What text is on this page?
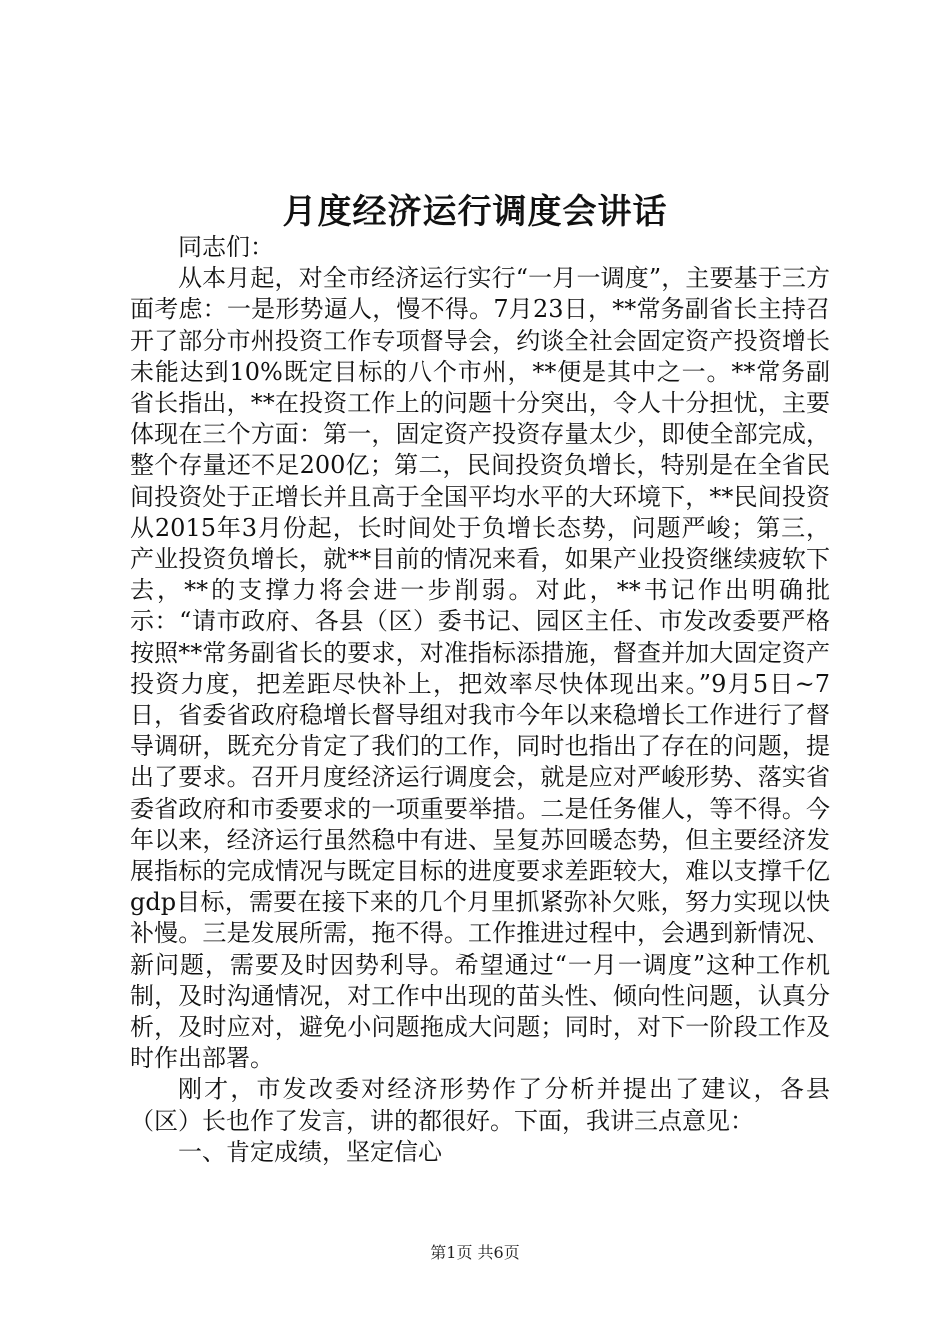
月度经济运行调度会讲话

同志们：

从本月起，对全市经济运行实行“一月一调度”，主要基于三方面考虑：一是形势逼人，慢不得。7月23日，**常务副省长主持召开了部分市州投资工作专项督导会，约谈全社会固定资产投资增长未能达到10%既定目标的八个市州，**便是其中之一。**常务副省长指出，**在投资工作上的问题十分突出，令人十分担忧，主要体现在三个方面：第一，固定资产投资存量太少，即使全部完成，整个存量还不足200亿；第二，民间投资负增长，特别是在全省民间投资处于正增长并且高于全国平均水平的大环境下，**民间投资从2015年3月份起，长时间处于负增长态势，问题严峻；第三，产业投资负增长，就**目前的情况来看，如果产业投资继续疲软下去，**的支撑力将会进一步削弱。对此，**书记作出明确批示：“请市政府、各县（区）委书记、园区主任、市发改委要严格按照**常务副省长的要求，对准指标添措施，督查并加大固定资产投资力度，把差距尽快补上，把效率尽快体现出来。”9月5日~7日，省委省政府稳增长督导组对我市今年以来稳增长工作进行了督导调研，既充分肯定了我们的工作，同时也指出了存在的问题，提出了要求。召开月度经济运行调度会，就是应对严峻形势、落实省委省政府和市委要求的一项重要举措。二是任务催人，等不得。今年以来，经济运行虽然稳中有进、呈复苏回暖态势，但主要经济发展指标的完成情况与既定目标的进度要求差距较大，难以支撑千亿gdp目标，需要在接下来的几个月里抓紧弥补欠账，努力实现以快补慢。三是发展所需，拖不得。工作推进过程中，会遇到新情况、新问题，需要及时因势利导。希望通过“一月一调度”这种工作机制，及时沟通情况，对工作中出现的苗头性、倾向性问题，认真分析，及时应对，避免小问题拖成大问题；同时，对下一阶段工作及时作出部署。

刚才，市发改委对经济形势作了分析并提出了建议，各县（区）长也作了发言，讲的都很好。下面，我讲三点意见：

一、肯定成绩，坚定信心

第1页 共6页
